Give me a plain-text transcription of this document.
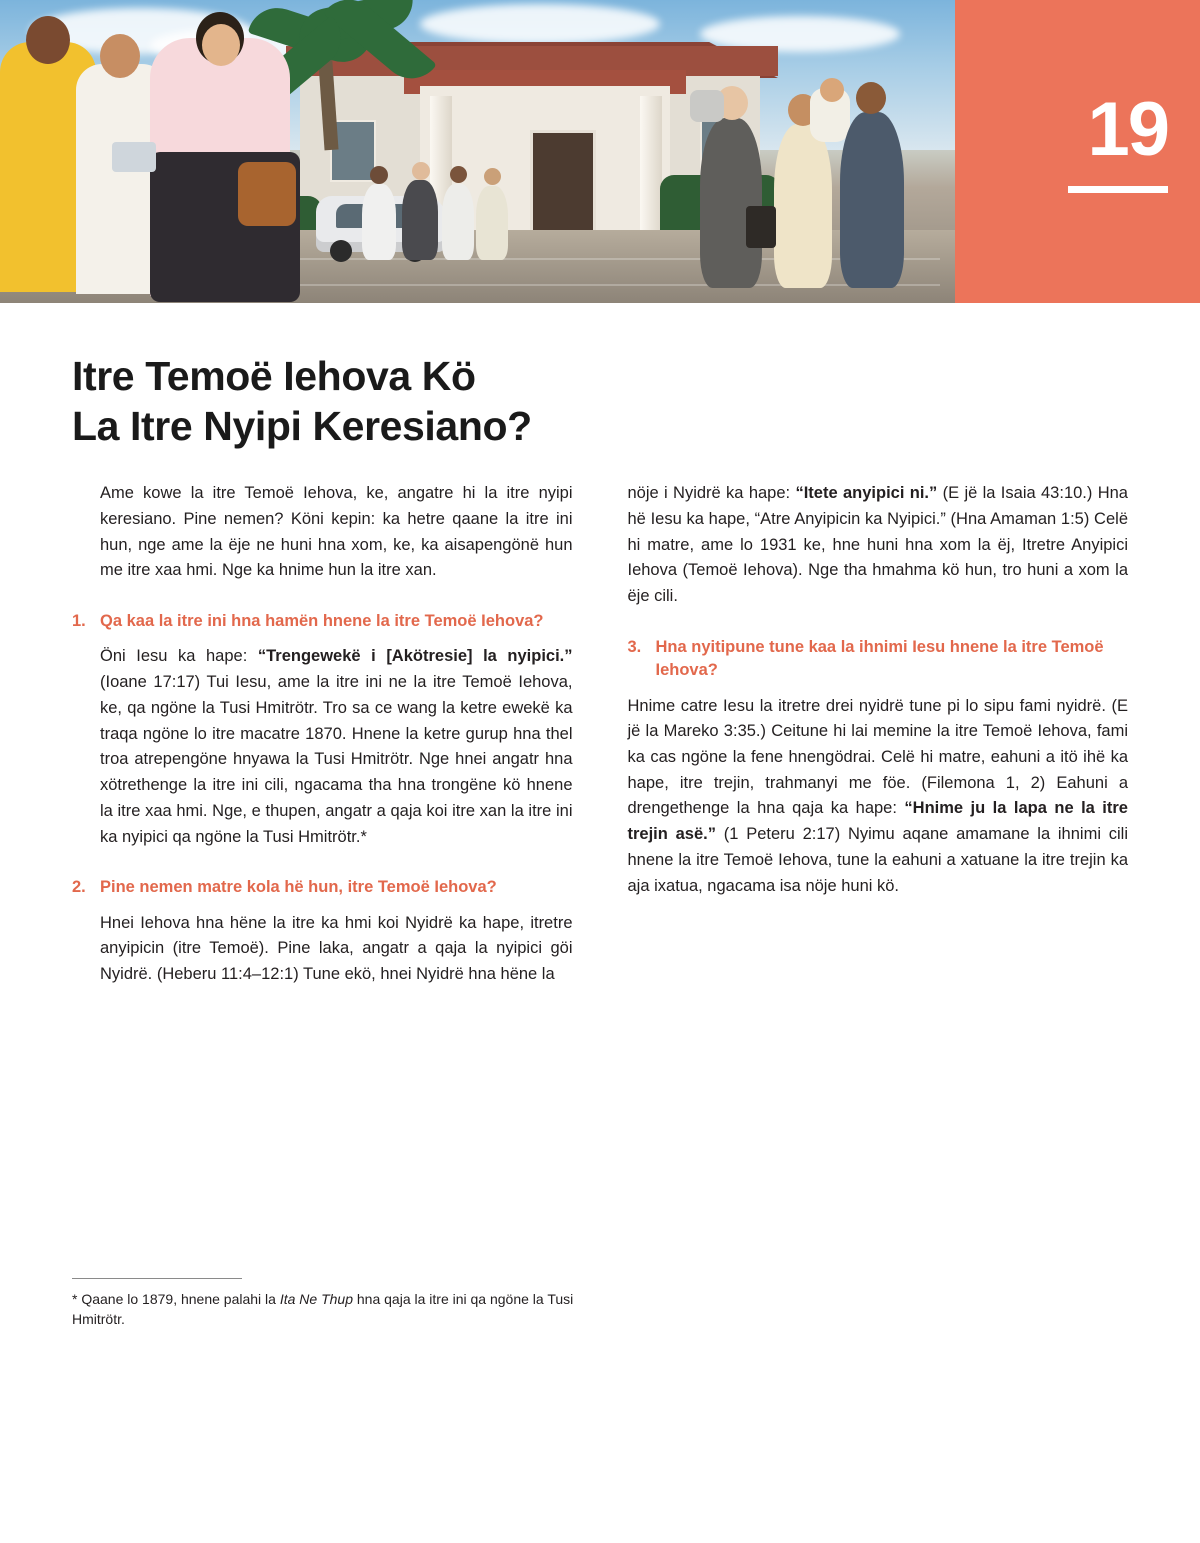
19
Itre Temoë Iehova Kö
La Itre Nyipi Keresiano?

Ame kowe la itre Temoë Iehova, ke, angatre hi la itre nyipi keresiano. Pine nemen? Köni kepin: ka hetre qaane la itre ini hun, nge ame la ëje ne huni hna xom, ke, ka aisapengönë hun me itre xaa hmi. Nge ka hnime hun la itre xan.

1. Qa kaa la itre ini hna hamën hnene la itre Temoë Iehova?

Öni Iesu ka hape: “Trengewekë i [Akötresie] la nyipici.” (Ioane 17:17) Tui Iesu, ame la itre ini ne la itre Temoë Iehova, ke, qa ngöne la Tusi Hmitrötr. Tro sa ce wang la ketre ewekë ka traqa ngöne lo itre macatre 1870. Hnene la ketre gurup hna thel troa atrepengöne hnyawa la Tusi Hmitrötr. Nge hnei angatr hna xötrethenge la itre ini cili, ngacama tha hna trongëne kö hnene la itre xaa hmi. Nge, e thupen, angatr a qaja koi itre xan la itre ini ka nyipici qa ngöne la Tusi Hmitrötr.*

2. Pine nemen matre kola hë hun, itre Temoë Iehova?

Hnei Iehova hna hëne la itre ka hmi koi Nyidrë ka hape, itretre anyipicin (itre Temoë). Pine laka, angatr a qaja la nyipici göi Nyidrë. (Heberu 11:4–12:1) Tune ekö, hnei Nyidrë hna hëne la

nöje i Nyidrë ka hape: “Itete anyipici ni.” (E jë la Isaia 43:10.) Hna hë Iesu ka hape, “Atre Anyipicin ka Nyipici.” (Hna Amaman 1:5) Celë hi matre, ame lo 1931 ke, hne huni hna xom la ëj, Itretre Anyipici Iehova (Temoë Iehova). Nge tha hmahma kö hun, tro huni a xom la ëje cili.

3. Hna nyitipune tune kaa la ihnimi Iesu hnene la itre Temoë Iehova?

Hnime catre Iesu la itretre drei nyidrë tune pi lo sipu fami nyidrë. (E jë la Mareko 3:35.) Ceitune hi lai memine la itre Temoë Iehova, fami ka cas ngöne la fene hnengödrai. Celë hi matre, eahuni a itö ihë ka hape, itre trejin, trahmanyi me föe. (Filemona 1, 2) Eahuni a drengethenge la hna qaja ka hape: “Hnime ju la lapa ne la itre trejin asë.” (1 Peteru 2:17) Nyimu aqane amamane la ihnimi cili hnene la itre Temoë Iehova, tune la eahuni a xatuane la itre trejin ka aja ixatua, ngacama isa nöje huni kö.

* Qaane lo 1879, hnene palahi la Ita Ne Thup hna qaja la itre ini qa ngöne la Tusi Hmitrötr.
